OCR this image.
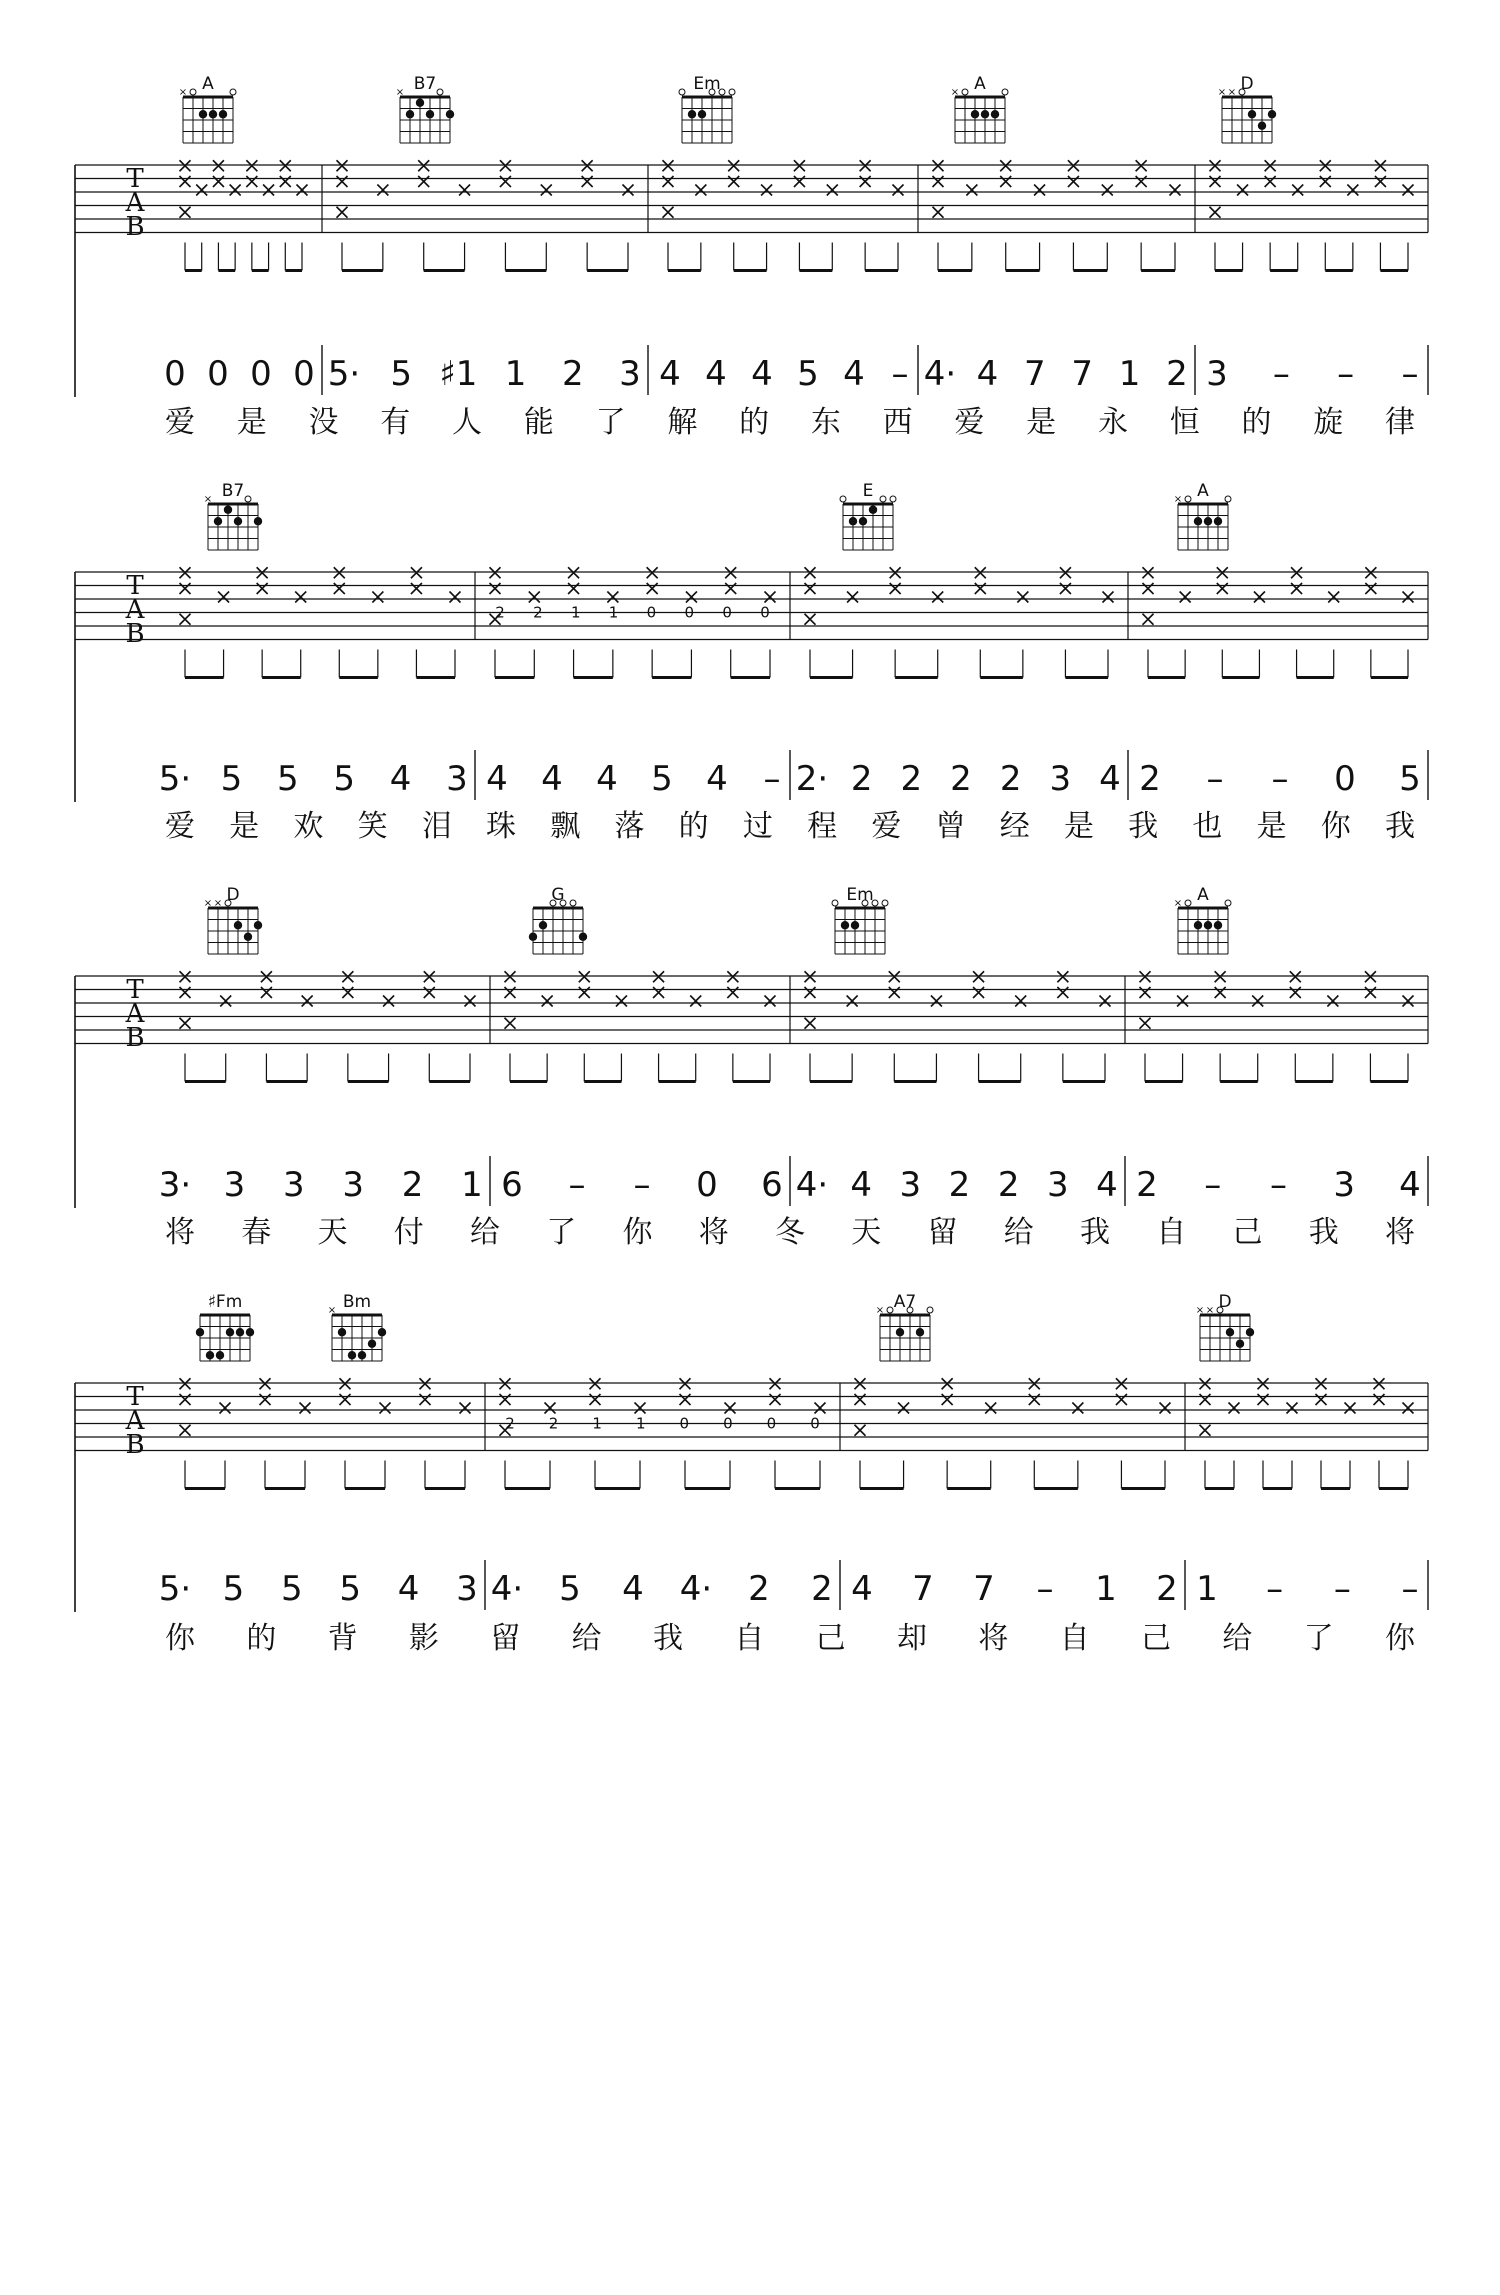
T
A
B
0 0 0 0 5· 5 ♯1 1 2 3 4 4 4 5 4 – 4· 4 7 7 1 2 3 – – –
爱 是 没 有 人 能 了 解 的 东 西 爱 是 永 恒 的 旋 律
A
×	B7
×	Em	A
×	D
× ×
T
A
B
5· 5 5 5 4 3 4 4 4 5 4 – 2· 2 2 2 2 3 4 2 – – 0 5
爱 是 欢 笑 泪 珠 飘 落 的 过 程 爱 曾 经 是 我 也 是 你 我
B7
×	E	A
×
T
A
B
3· 3 3 3 2 1 6 – – 0 6 4· 4 3 2 2 3 4 2 – – 3 4
将 春 天 付 给 了 你 将 冬 天 留 给 我 自 己 我 将
D
× ×	G	Em	A
×
T
A
B
5· 5 5 5 4 3 4· 5 4 4· 2 2 4 7 7 – 1 2 1 – – –
你 的 背 影 留 给 我 自 己 却 将 自 己 给 了 你
♯Fm	Bm
×	A7
×	D
× ×
2 2 1 1 0 0 0 0
2 2 1 1 0 0 0 0
